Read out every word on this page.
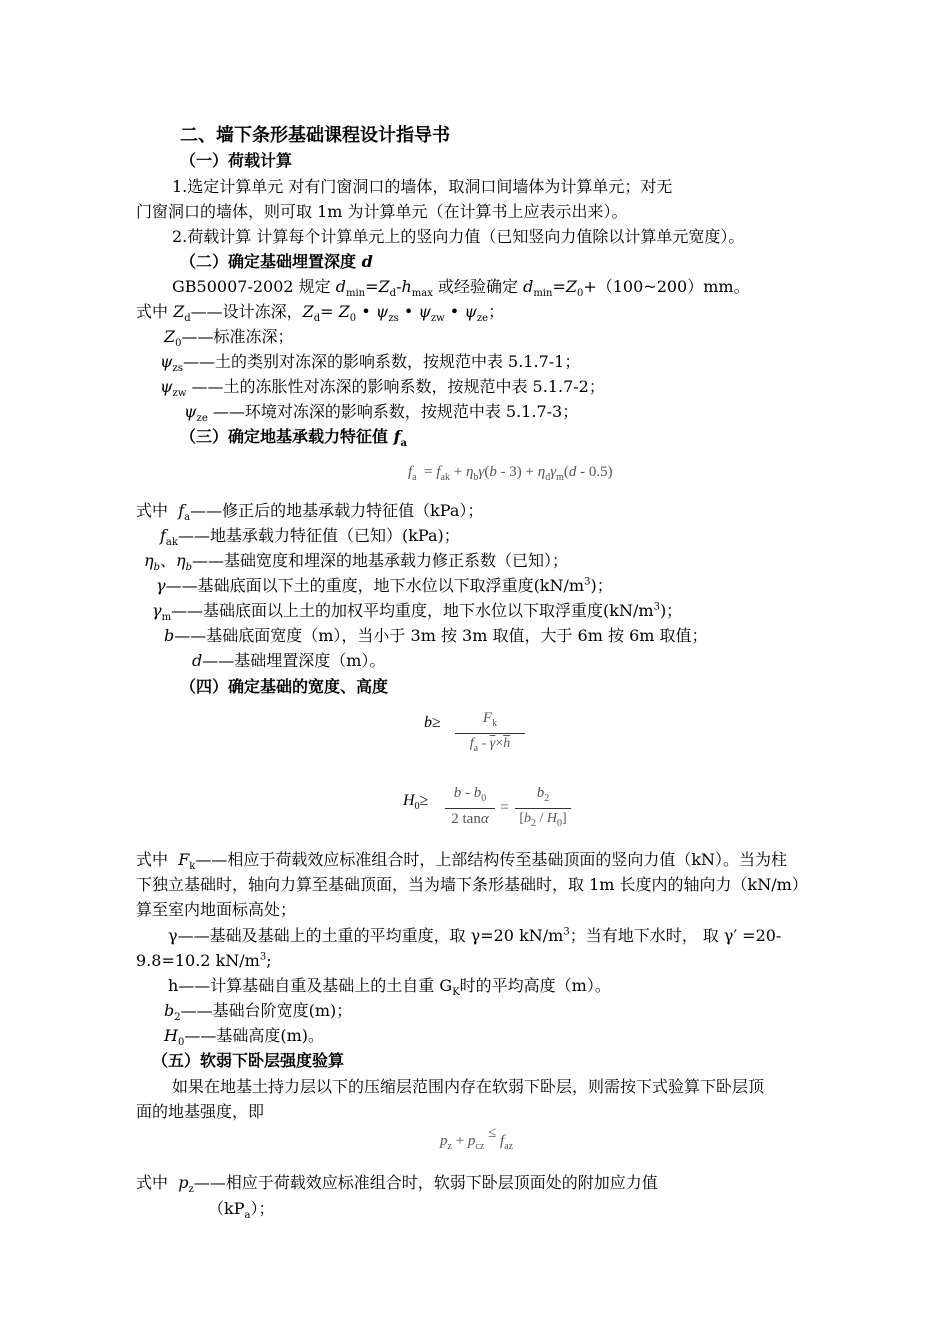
二、墙下条形基础课程设计指导书
（一）荷载计算
1.选定计算单元 对有门窗洞口的墙体，取洞口间墙体为计算单元；对无
门窗洞口的墙体，则可取 1m 为计算单元（在计算书上应表示出来）。
2.荷载计算 计算每个计算单元上的竖向力值（已知竖向力值除以计算单元宽度）。
（二）确定基础埋置深度 d
GB50007-2002 规定 $d_{min}=Z_d-h_{max}$ 或经验确定 $d_{min}=Z_0+(100\sim 200)mm$。
式中 $Z_d——$设计冻深，$Z_d= Z_0$ • $\psi_{zs}$ • $\psi_{zw}$ • $\psi_{ze}$；
$Z_0——$标准冻深；
$\psi_{zs}——$土的类别对冻深的影响系数，按规范中表 5.1.7-1；
$\psi_{zw}$ ——土的冻胀性对冻深的影响系数，按规范中表 5.1.7-2；
$\psi_{ze}$ ——环境对冻深的影响系数，按规范中表 5.1.7-3；
（三）确定地基承载力特征值 $f_a$
$f_a = f_{ak} + \eta_b\gamma(b - 3) + \eta_d\gamma_m(d - 0.5)$
式中  $f_a——$修正后的地基承载力特征值（kPa）；
$f_{ak}——$地基承载力特征值（已知）(kPa)；
$\eta_b$、$\eta_b——$基础宽度和埋深的地基承载力修正系数（已知）；
γ——基础底面以下土的重度，地下水位以下取浮重度$(kN/m^3)$；
$\gamma_m——$基础底面以上土的加权平均重度，地下水位以下取浮重度$(kN/m^3)$；
b——基础底面宽度（m），当小于 3m 按 3m 取值，大于 6m 按 6m 取值；
d——基础埋置深度（m）。
（四）确定基础的宽度、高度
b≥	$F_k$
$f_a - \overline{\gamma}\times\overline{h}$
$H_0\ge$	b - $b_0$
2 tanα
=
$b_2$
$[b_2 / H_0]$
式中  $F_k——$相应于荷载效应标准组合时，上部结构传至基础顶面的竖向力值（kN）。当为柱
下独立基础时，轴向力算至基础顶面，当为墙下条形基础时，取 1m 长度内的轴向力（kN/m）
算至室内地面标高处；
γ——基础及基础上的土重的平均重度，取 γ=20 $kN/m^3$；当有地下水时， 取 γ′ =20-
9.8=10.2 $kN/m^3$;
h——计算基础自重及基础上的土自重 $G_K$时的平均高度（m）。
$b_2——$基础台阶宽度(m)；
$H_0——$基础高度(m)。
（五）软弱下卧层强度验算
如果在地基土持力层以下的压缩层范围内存在软弱下卧层，则需按下式验算下卧层顶
面的地基强度，即
$p_z + p_{cz} \le f_{az}$
式中  $p_z——$相应于荷载效应标准组合时，软弱下卧层顶面处的附加应力值
$(kP_a)$；
